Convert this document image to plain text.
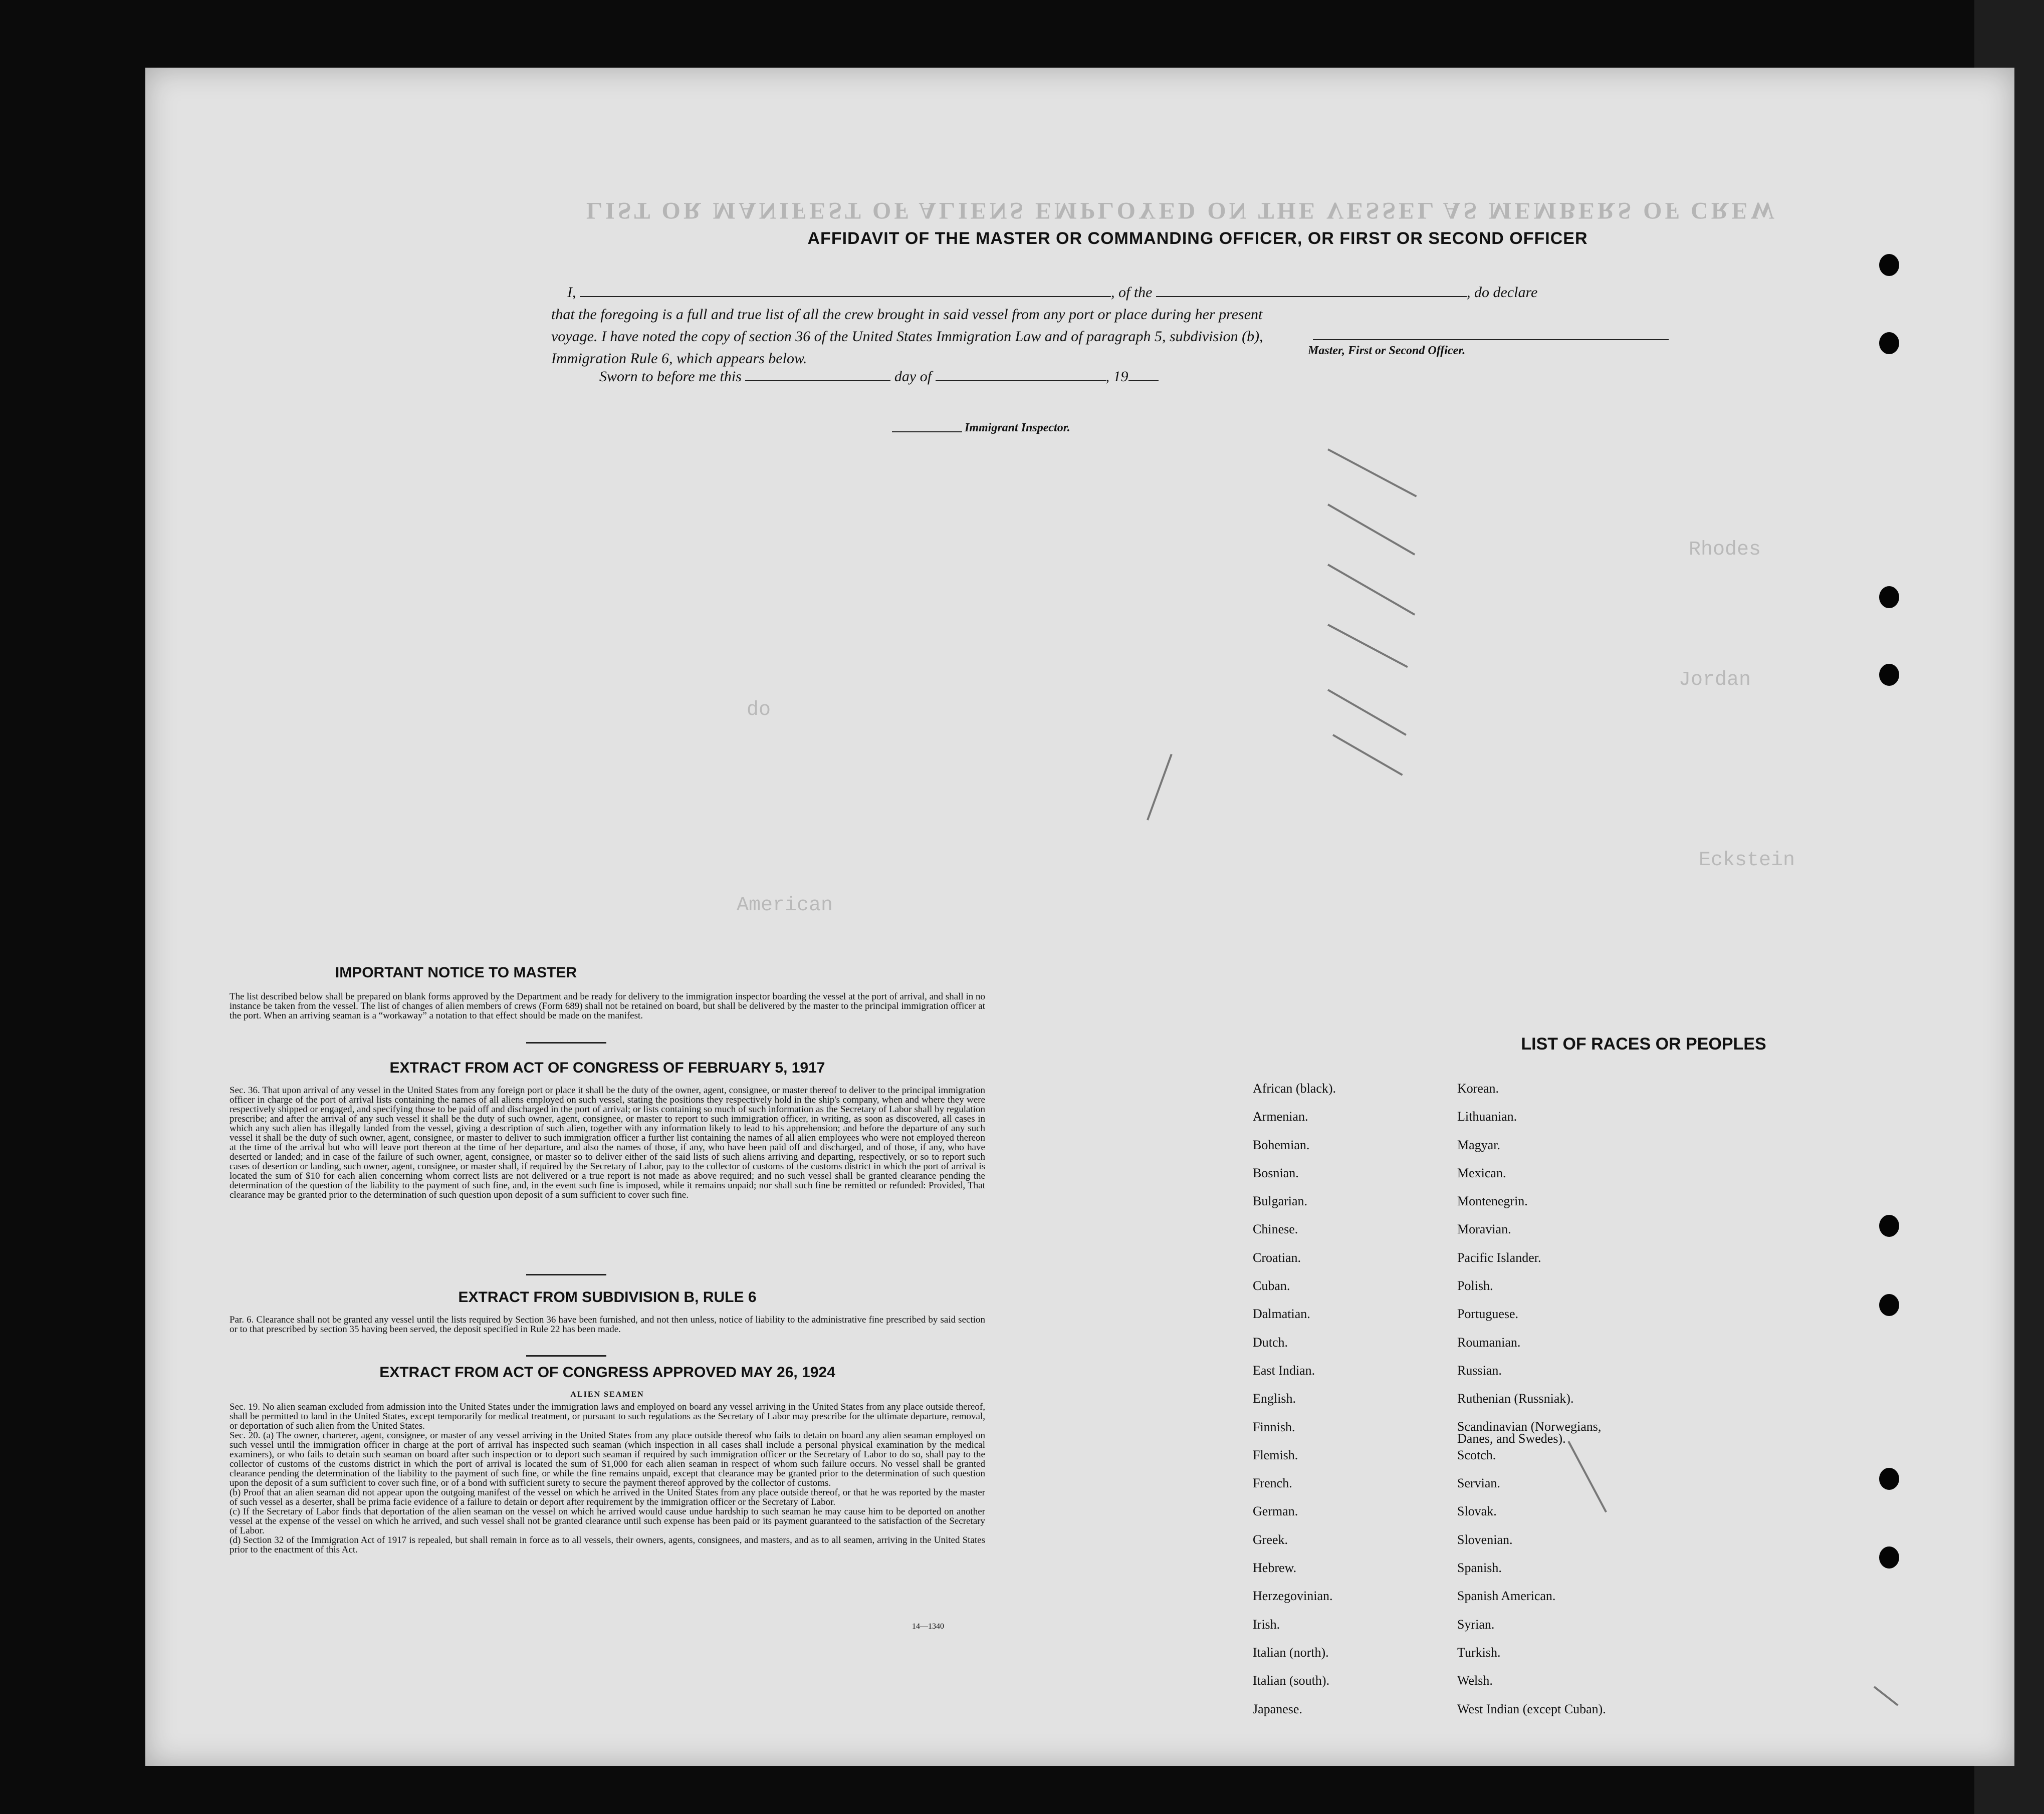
LIST OR MANIFEST OF ALIENS EMPLOYED ON THE VESSEL AS MEMBERS OF CREW
Rhodes
Jordan
Eckstein
American
do
AFFIDAVIT OF THE MASTER OR COMMANDING OFFICER, OR FIRST OR SECOND OFFICER
I,	, of the	, do declare
that the foregoing is a full and true list of all the crew brought in said vessel from any port or place during her present
voyage. I have noted the copy of section 36 of the United States Immigration Law and of paragraph 5, subdivision (b),
Immigration Rule 6, which appears below.	Master, First or Second Officer.
Sworn to before me this	day of	, 19
Immigrant Inspector.
IMPORTANT NOTICE TO MASTER
The list described below shall be prepared on blank forms approved by the Department and be ready for delivery to the immigration inspector boarding the vessel at the port of arrival, and shall in no instance be taken from the vessel. The list of changes of alien members of crews (Form 689) shall not be retained on board, but shall be delivered by the master to the principal immigration officer at the port. When an arriving seaman is a “workaway” a notation to that effect should be made on the manifest.
EXTRACT FROM ACT OF CONGRESS OF FEBRUARY 5, 1917
Sec. 36. That upon arrival of any vessel in the United States from any foreign port or place it shall be the duty of the owner, agent, consignee, or master thereof to deliver to the principal immigration officer in charge of the port of arrival lists containing the names of all aliens employed on such vessel, stating the positions they respectively hold in the ship's company, when and where they were respectively shipped or engaged, and specifying those to be paid off and discharged in the port of arrival; or lists containing so much of such information as the Secretary of Labor shall by regulation prescribe; and after the arrival of any such vessel it shall be the duty of such owner, agent, consignee, or master to report to such immigration officer, in writing, as soon as discovered, all cases in which any such alien has illegally landed from the vessel, giving a description of such alien, together with any information likely to lead to his apprehension; and before the departure of any such vessel it shall be the duty of such owner, agent, consignee, or master to deliver to such immigration officer a further list containing the names of all alien employees who were not employed thereon at the time of the arrival but who will leave port thereon at the time of her departure, and also the names of those, if any, who have been paid off and discharged, and of those, if any, who have deserted or landed; and in case of the failure of such owner, agent, consignee, or master so to deliver either of the said lists of such aliens arriving and departing, respectively, or so to report such cases of desertion or landing, such owner, agent, consignee, or master shall, if required by the Secretary of Labor, pay to the collector of customs of the customs district in which the port of arrival is located the sum of $10 for each alien concerning whom correct lists are not delivered or a true report is not made as above required; and no such vessel shall be granted clearance pending the determination of the question of the liability to the payment of such fine, and, in the event such fine is imposed, while it remains unpaid; nor shall such fine be remitted or refunded: Provided, That clearance may be granted prior to the determination of such question upon deposit of a sum sufficient to cover such fine.
EXTRACT FROM SUBDIVISION B, RULE 6
Par. 6. Clearance shall not be granted any vessel until the lists required by Section 36 have been furnished, and not then unless, notice of liability to the administrative fine prescribed by said section or to that prescribed by section 35 having been served, the deposit specified in Rule 22 has been made.
EXTRACT FROM ACT OF CONGRESS APPROVED MAY 26, 1924
ALIEN SEAMEN
Sec. 19. No alien seaman excluded from admission into the United States under the immigration laws and employed on board any vessel arriving in the United States from any place outside thereof, shall be permitted to land in the United States, except temporarily for medical treatment, or pursuant to such regulations as the Secretary of Labor may prescribe for the ultimate departure, removal, or deportation of such alien from the United States.
Sec. 20. (a) The owner, charterer, agent, consignee, or master of any vessel arriving in the United States from any place outside thereof who fails to detain on board any alien seaman employed on such vessel until the immigration officer in charge at the port of arrival has inspected such seaman (which inspection in all cases shall include a personal physical examination by the medical examiners), or who fails to detain such seaman on board after such inspection or to deport such seaman if required by such immigration officer or the Secretary of Labor to do so, shall pay to the collector of customs of the customs district in which the port of arrival is located the sum of $1,000 for each alien seaman in respect of whom such failure occurs. No vessel shall be granted clearance pending the determination of the liability to the payment of such fine, or while the fine remains unpaid, except that clearance may be granted prior to the determination of such question upon the deposit of a sum sufficient to cover such fine, or of a bond with sufficient surety to secure the payment thereof approved by the collector of customs.
(b) Proof that an alien seaman did not appear upon the outgoing manifest of the vessel on which he arrived in the United States from any place outside thereof, or that he was reported by the master of such vessel as a deserter, shall be prima facie evidence of a failure to detain or deport after requirement by the immigration officer or the Secretary of Labor.
(c) If the Secretary of Labor finds that deportation of the alien seaman on the vessel on which he arrived would cause undue hardship to such seaman he may cause him to be deported on another vessel at the expense of the vessel on which he arrived, and such vessel shall not be granted clearance until such expense has been paid or its payment guaranteed to the satisfaction of the Secretary of Labor.
(d) Section 32 of the Immigration Act of 1917 is repealed, but shall remain in force as to all vessels, their owners, agents, consignees, and masters, and as to all seamen, arriving in the United States prior to the enactment of this Act.
14—1340
LIST OF RACES OR PEOPLES
African (black).
Armenian.
Bohemian.
Bosnian.
Bulgarian.
Chinese.
Croatian.
Cuban.
Dalmatian.
Dutch.
East Indian.
English.
Finnish.
Flemish.
French.
German.
Greek.
Hebrew.
Herzegovinian.
Irish.
Italian (north).
Italian (south).
Japanese.
Korean.
Lithuanian.
Magyar.
Mexican.
Montenegrin.
Moravian.
Pacific Islander.
Polish.
Portuguese.
Roumanian.
Russian.
Ruthenian (Russniak).
Scandinavian (Norwegians, Danes, and Swedes).
Scotch.
Servian.
Slovak.
Slovenian.
Spanish.
Spanish American.
Syrian.
Turkish.
Welsh.
West Indian (except Cuban).
